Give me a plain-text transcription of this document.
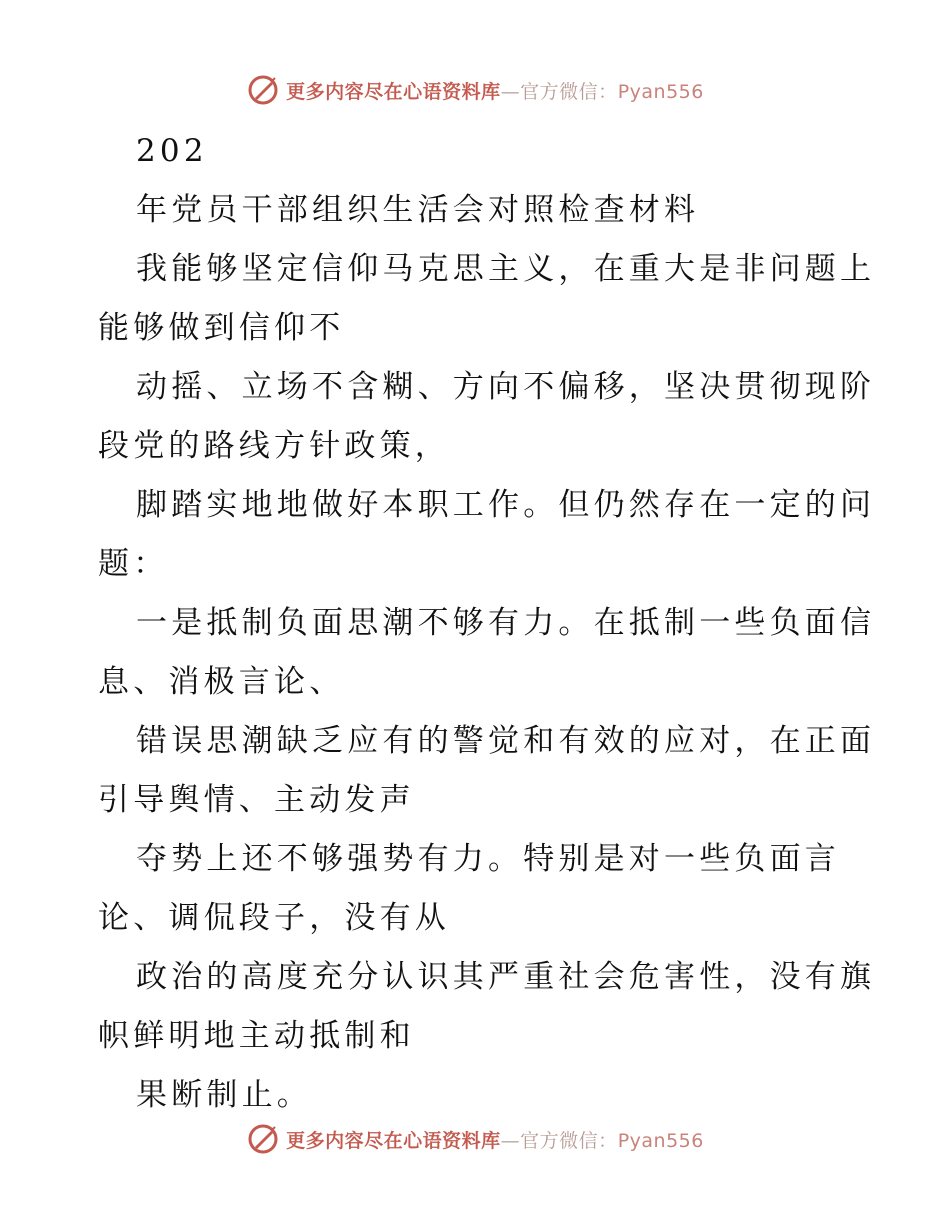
更多内容尽在心语资料库—官方微信：Pyan556

202

年党员干部组织生活会对照检查材料

我能够坚定信仰马克思主义，在重大是非问题上

能够做到信仰不

动摇、立场不含糊、方向不偏移，坚决贯彻现阶

段党的路线方针政策，

脚踏实地地做好本职工作。但仍然存在一定的问

题：

一是抵制负面思潮不够有力。在抵制一些负面信

息、消极言论、

错误思潮缺乏应有的警觉和有效的应对，在正面

引导舆情、主动发声

夺势上还不够强势有力。特别是对一些负面言

论、调侃段子，没有从

政治的高度充分认识其严重社会危害性，没有旗

帜鲜明地主动抵制和

果断制止。

更多内容尽在心语资料库—官方微信：Pyan556
